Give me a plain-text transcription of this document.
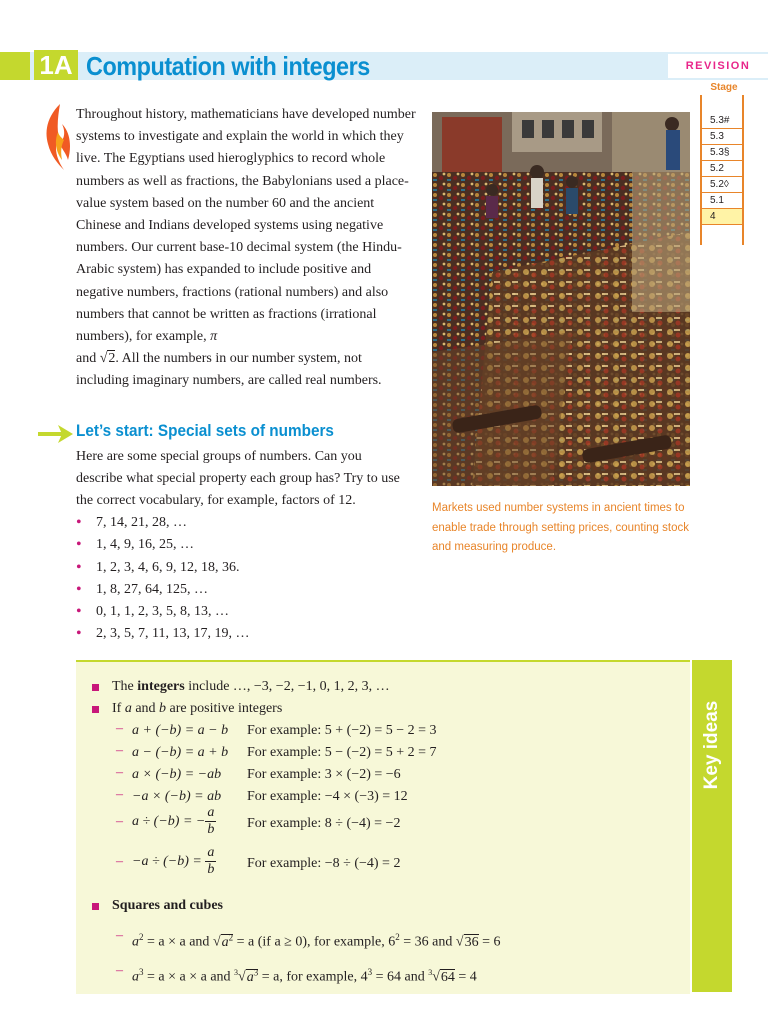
1A Computation with integers	REVISION
Stage
5.3#
5.3
5.3§
5.2
5.2◊
5.1
4
Throughout history, mathematicians have developed number systems to investigate and explain the world in which they live. The Egyptians used hieroglyphics to record whole numbers as well as fractions, the Babylonians used a place-value system based on the number 60 and the ancient Chinese and Indians developed systems using negative numbers. Our current base-10 decimal system (the Hindu-Arabic system) has expanded to include positive and negative numbers, fractions (rational numbers) and also numbers that cannot be written as fractions (irrational numbers), for example, π
and √2. All the numbers in our number system, not including imaginary numbers, are called real numbers.
Markets used number systems in ancient times to enable trade through setting prices, counting stock and measuring produce.
Let’s start: Special sets of numbers
Here are some special groups of numbers. Can you describe what special property each group has? Try to use the correct vocabulary, for example, factors of 12.
• 7, 14, 21, 28, …
• 1, 4, 9, 16, 25, …
• 1, 2, 3, 4, 6, 9, 12, 18, 36.
• 1, 8, 27, 64, 125, …
• 0, 1, 1, 2, 3, 5, 8, 13, …
• 2, 3, 5, 7, 11, 13, 17, 19, …
The integers include …, −3, −2, −1, 0, 1, 2, 3, …
If a and b are positive integers
– a + (−b) = a − b For example: 5 + (−2) = 5 − 2 = 3
– a − (−b) = a + b For example: 5 − (−2) = 5 + 2 = 7
– a × (−b) = −ab For example: 3 × (−2) = −6
– −a × (−b) = ab For example: −4 × (−3) = 12
– a ÷ (−b) = − $\frac{a}{b}$ For example: 8 ÷ (−4) = −2
– $-a \div (-b) = \frac{a}{b}$ For example: −8 ÷ (−4) = 2
Squares and cubes
– $a^2 = a \times a$ and $√a^2 = a$ (if a ≥ 0), for example, $6^2 = 36$ and √36 = 6
– $a^3 = a \times a \times a$ and $^3√a^3 = a$, for example, $4^3 = 64$ and $^3$√64 = 4
Key ideas
